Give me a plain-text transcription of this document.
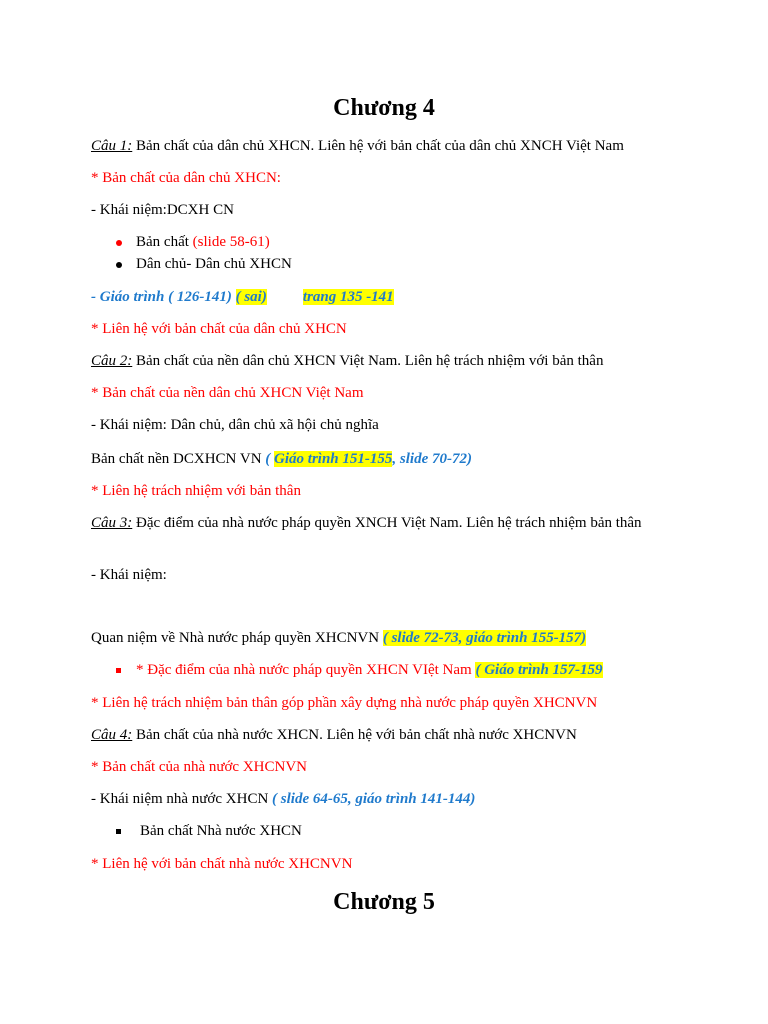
Chương 4
Câu 1: Bản chất của dân chủ XHCN. Liên hệ với bản chất của dân chủ XNCH Việt Nam
* Bản chất của dân chủ XHCN:
- Khái niệm:DCXH CN
Bản chất (slide 58-61)
Dân chủ- Dân chủ XHCN
- Giáo trình ( 126-141) ( sai) trang 135 -141
* Liên hệ với bản chất của dân chủ XHCN
Câu 2: Bản chất của nền dân chủ XHCN Việt Nam. Liên hệ trách nhiệm với bản thân
* Bản chất của nền dân chủ XHCN Việt Nam
- Khái niệm: Dân chủ, dân chủ xã hội chủ nghĩa
Bản chất nền DCXHCN VN ( Giáo trình 151-155, slide 70-72)
* Liên hệ trách nhiệm với bản thân
Câu 3: Đặc điểm của nhà nước pháp quyền XNCH Việt Nam. Liên hệ trách nhiệm bản thân
- Khái niệm:
Quan niệm về Nhà nước pháp quyền XHCNVN ( slide 72-73, giáo trình 155-157)
* Đặc điểm của nhà nước pháp quyền XHCN VIệt Nam ( Giáo trình 157-159
* Liên hệ trách nhiệm bản thân góp phần xây dựng nhà nước pháp quyền XHCNVN
Câu 4: Bản chất của nhà nước XHCN. Liên hệ với bản chất nhà nước XHCNVN
* Bản chất của nhà nước XHCNVN
- Khái niệm nhà nước XHCN ( slide 64-65, giáo trình 141-144)
Bản chất Nhà nước XHCN
* Liên hệ với bản chất nhà nước XHCNVN
Chương 5
